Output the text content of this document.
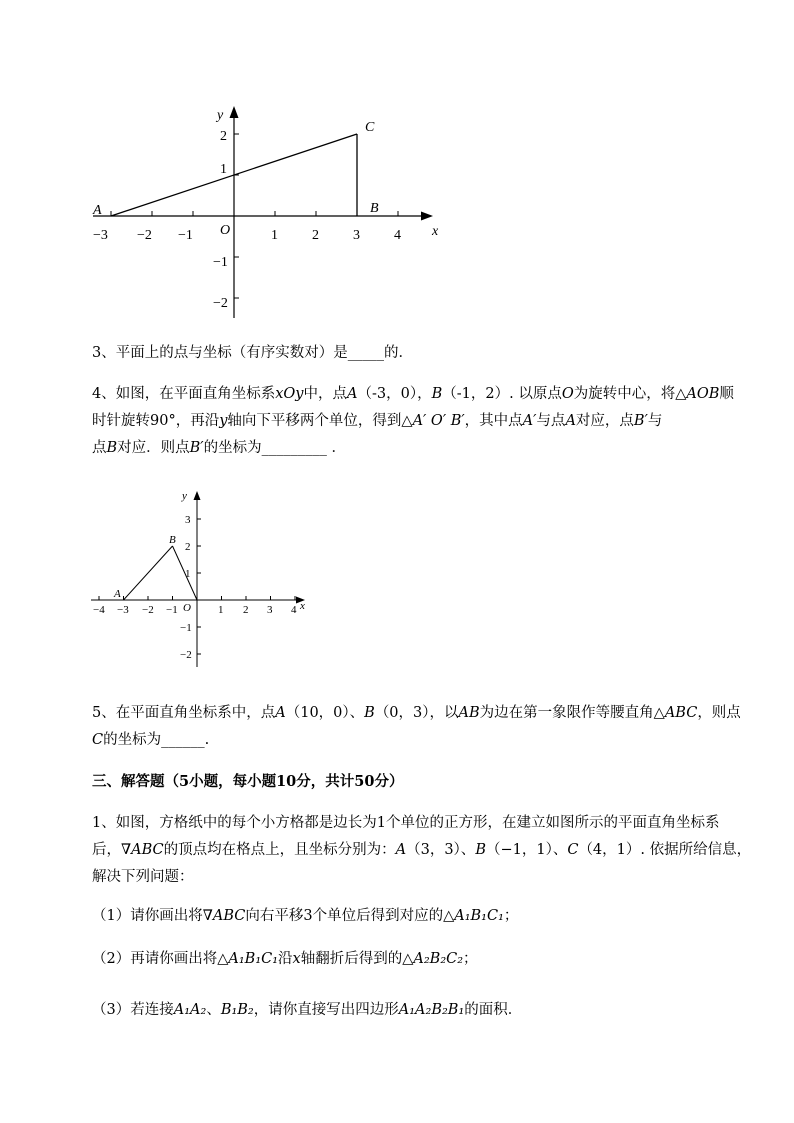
y
x
O
−3 −2 −1	1 2 3 4
2
1
−1
−2
A
C
B
3、平面上的点与坐标（有序实数对）是_____的．
4、如图，在平面直角坐标系xOy中，点A（-3，0），B（-1，2）. 以原点O为旋转中心，将△AOB顺
时针旋转90°，再沿y轴向下平移两个单位，得到△A′ O′ B′，其中点A′与点A对应，点B′与
点B对应．则点B′的坐标为_________ ．
y
x
O
−4 −3 −2 −1	1 2 3 4
3
2
1
−1
−2
A
B
5、在平面直角坐标系中，点A（10，0）、B（0，3），以AB为边在第一象限作等腰直角△ABC，则点
C的坐标为______.
三、解答题（5小题，每小题10分，共计50分）
1、如图，方格纸中的每个小方格都是边长为1个单位的正方形，在建立如图所示的平面直角坐标系
后，∇ABC的顶点均在格点上，且坐标分别为：A（3，3）、B（−1，1）、C（4，1）. 依据所给信息，
解决下列问题：
（1）请你画出将∇ABC向右平移3个单位后得到对应的△A₁B₁C₁；
（2）再请你画出将△A₁B₁C₁沿x轴翻折后得到的△A₂B₂C₂；
（3）若连接A₁A₂、B₁B₂，请你直接写出四边形A₁A₂B₂B₁的面积．
